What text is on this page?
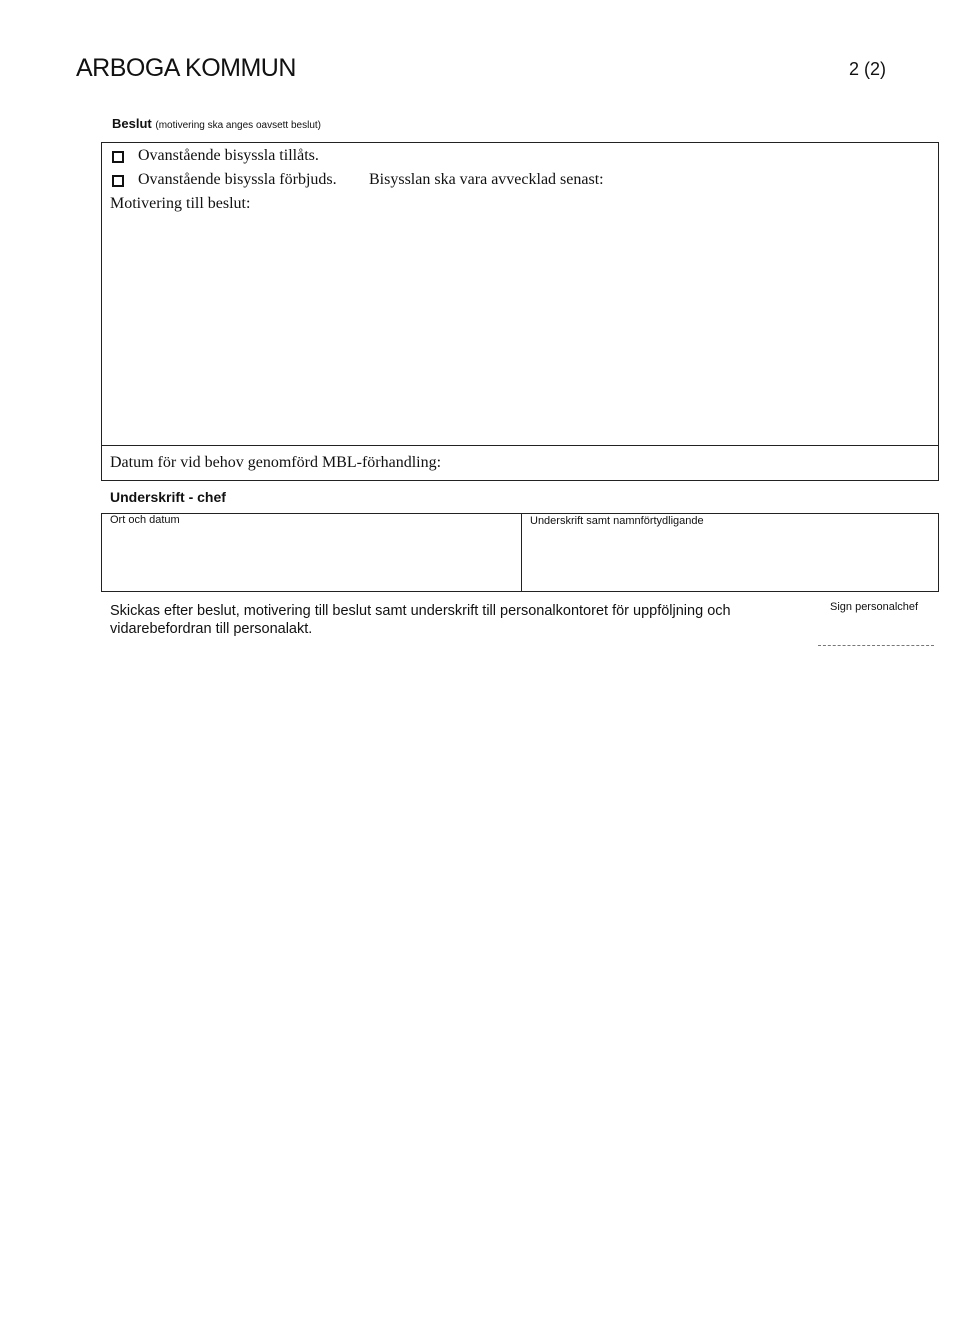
ARBOGA KOMMUN	2 (2)
Beslut (motivering ska anges oavsett beslut)
Ovanstående bisyssla tillåts.
Ovanstående bisyssla förbjuds. Bisysslan ska vara avvecklad senast:
Motivering till beslut:
Datum för vid behov genomförd MBL-förhandling:
Underskrift - chef
Ort och datum	Underskrift samt namnförtydligande
Skickas efter beslut, motivering till beslut samt underskrift till personalkontoret för uppföljning och
vidarebefordran till personalakt.
Sign personalchef
